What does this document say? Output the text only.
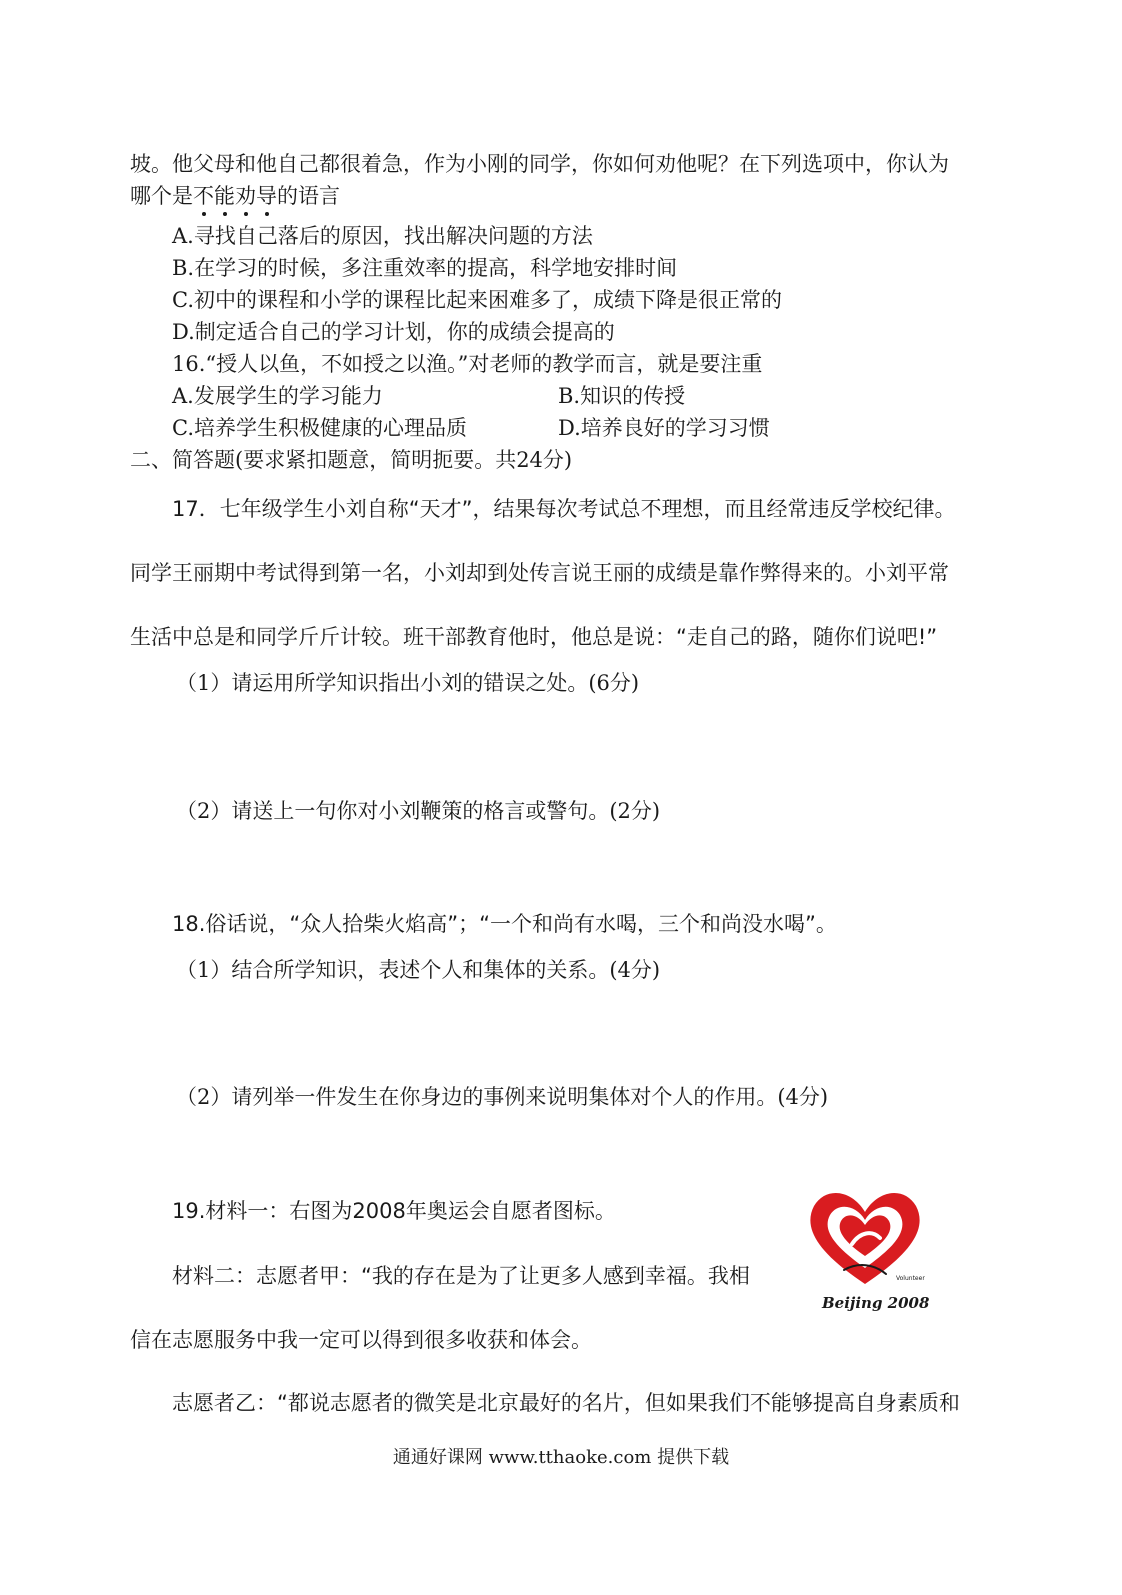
坡。他父母和他自己都很着急，作为小刚的同学，你如何劝他呢？在下列选项中，你认为
哪个是不能劝导的语言
A.寻找自己落后的原因，找出解决问题的方法
B.在学习的时候，多注重效率的提高，科学地安排时间
C.初中的课程和小学的课程比起来困难多了，成绩下降是很正常的
D.制定适合自己的学习计划，你的成绩会提高的
16.“授人以鱼，不如授之以渔。”对老师的教学而言，就是要注重
A.发展学生的学习能力	B.知识的传授
C.培养学生积极健康的心理品质	D.培养良好的学习习惯
二、简答题(要求紧扣题意，简明扼要。共24分)
17．七年级学生小刘自称“天才”，结果每次考试总不理想，而且经常违反学校纪律。
同学王丽期中考试得到第一名，小刘却到处传言说王丽的成绩是靠作弊得来的。小刘平常
生活中总是和同学斤斤计较。班干部教育他时，他总是说：“走自己的路，随你们说吧!”
（1）请运用所学知识指出小刘的错误之处。(6分)
（2）请送上一句你对小刘鞭策的格言或警句。(2分)
18.俗话说，“众人拾柴火焰高”；“一个和尚有水喝，三个和尚没水喝”。
（1）结合所学知识，表述个人和集体的关系。(4分)
（2）请列举一件发生在你身边的事例来说明集体对个人的作用。(4分)
19.材料一：右图为2008年奥运会自愿者图标。
材料二：志愿者甲：“我的存在是为了让更多人感到幸福。我相
信在志愿服务中我一定可以得到很多收获和体会。
志愿者乙：“都说志愿者的微笑是北京最好的名片，但如果我们不能够提高自身素质和
Volunteer
Beijing 2008
通通好课网 www.tthaoke.com 提供下载
